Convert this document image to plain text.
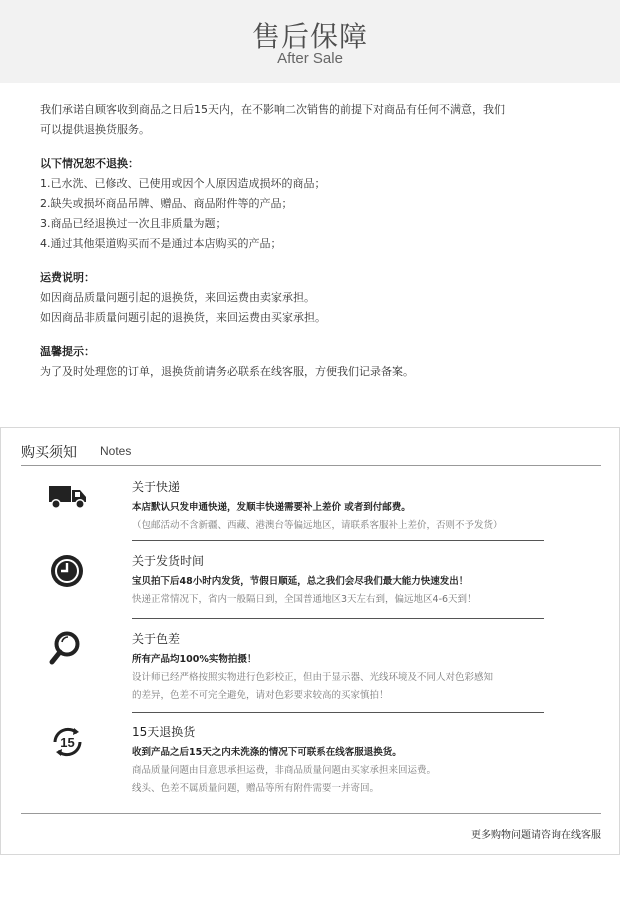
售后保障
After Sale

我们承诺自顾客收到商品之日后15天内，在不影响二次销售的前提下对商品有任何不满意，我们

可以提供退换货服务。

以下情况恕不退换：

1.已水洗、已修改、已使用或因个人原因造成损坏的商品；

2.缺失或损坏商品吊牌、赠品、商品附件等的产品；

3.商品已经退换过一次且非质量为题；

4.通过其他渠道购买而不是通过本店购买的产品；

运费说明：

如因商品质量问题引起的退换货，来回运费由卖家承担。

如因商品非质量问题引起的退换货，来回运费由买家承担。

温馨提示：

为了及时处理您的订单，退换货前请务必联系在线客服，方便我们记录备案。

购买须知 Notes
关于快递
本店默认只发申通快递，发顺丰快递需要补上差价 或者到付邮费。
（包邮活动不含新疆、西藏、港澳台等偏远地区，请联系客服补上差价，否则不予发货）
关于发货时间
宝贝拍下后48小时内发货，节假日顺延，总之我们会尽我们最大能力快速发出！
快递正常情况下，省内一般隔日到，全国普通地区3天左右到，偏远地区4-6天到！
关于色差
所有产品均100%实物拍摄！
设计师已经严格按照实物进行色彩校正，但由于显示器、光线环境及不同人对色彩感知
的差异，色差不可完全避免，请对色彩要求较高的买家慎拍！
15
15天退换货
收到产品之后15天之内未洗涤的情况下可联系在线客服退换货。
商品质量问题由目意思承担运费，非商品质量问题由买家承担来回运费。
线头、色差不属质量问题，赠品等所有附件需要一并寄回。
更多购物问题请咨询在线客服
